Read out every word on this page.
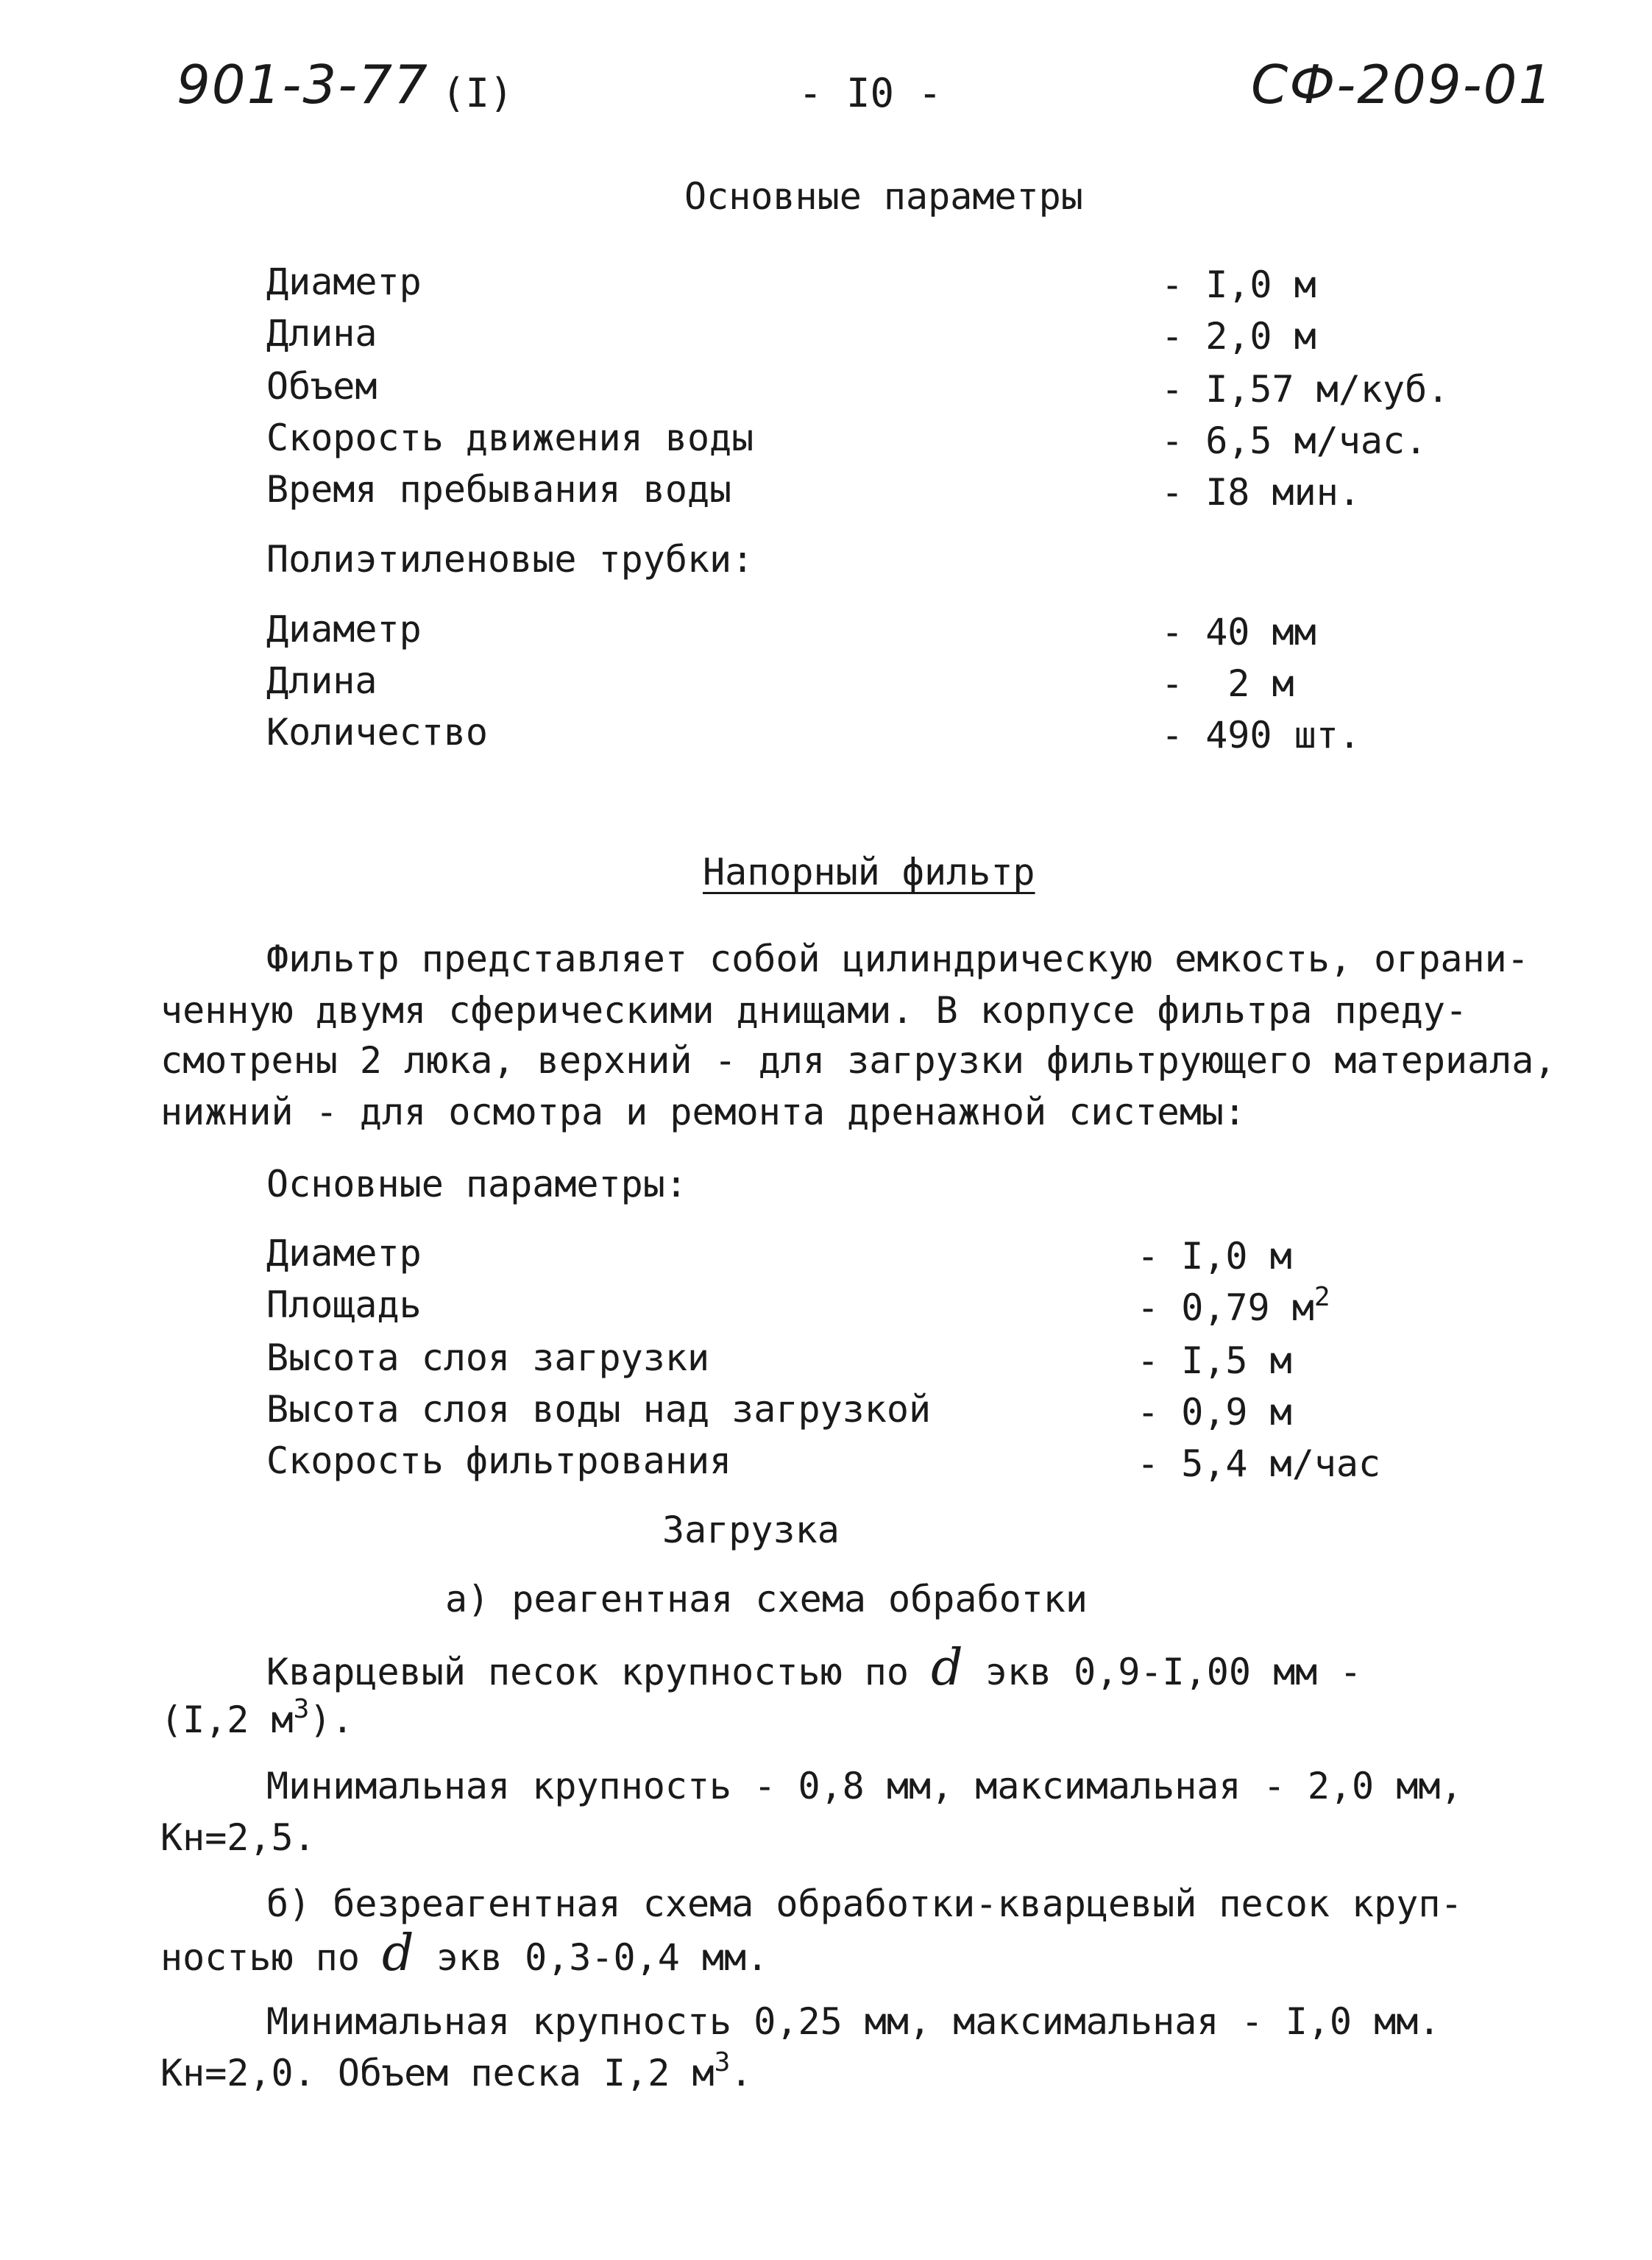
901-3-77 (I)	- I0 -	СФ-209-01
Основные параметры
Диаметр	- I,0 м
Длина	- 2,0 м
Объем	- I,57 м/куб.
Скорость движения воды	- 6,5 м/час.
Время пребывания воды	- I8 мин.
Полиэтиленовые трубки:
Диаметр	- 40 мм
Длина	-  2 м
Количество	- 490 шт.
Напорный фильтр
Фильтр представляет собой цилиндрическую емкость, ограни-
ченную двумя сферическими днищами. В корпусе фильтра преду-
смотрены 2 люка, верхний - для загрузки фильтрующего материала,
нижний - для осмотра и ремонта дренажной системы:
Основные параметры:
Диаметр	- I,0 м
Площадь	- 0,79 $м^2$
Высота слоя загрузки	- I,5 м
Высота слоя воды над загрузкой	- 0,9 м
Скорость фильтрования	- 5,4 м/час
Загрузка
а) реагентная схема обработки
Кварцевый песок крупностью по d экв 0,9-I,00 мм -
(I,2 $м^3$).
Минимальная крупность - 0,8 мм, максимальная - 2,0 мм,
Кн=2,5.
б) безреагентная схема обработки-кварцевый песок круп-
ностью по d экв 0,3-0,4 мм.
Минимальная крупность 0,25 мм, максимальная - I,0 мм.
Кн=2,0. Объем песка I,2 $м^3$.
